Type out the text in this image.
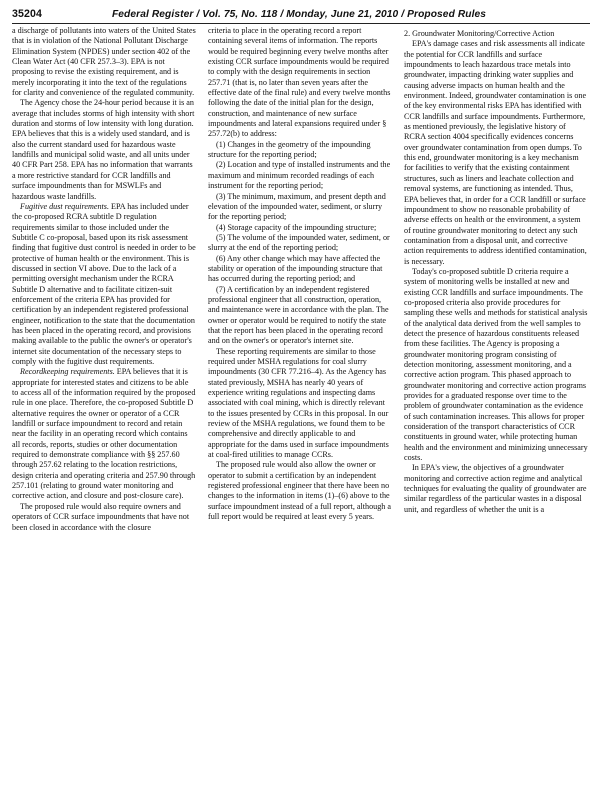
35204	Federal Register / Vol. 75, No. 118 / Monday, June 21, 2010 / Proposed Rules

a discharge of pollutants into waters of the United States that is in violation of the National Pollutant Discharge Elimination System (NPDES) under section 402 of the Clean Water Act (40 CFR 257.3–3). EPA is not proposing to revise the existing requirement, and is merely incorporating it into the text of the regulations for clarity and convenience of the regulated community.

The Agency chose the 24-hour period because it is an average that includes storms of high intensity with short duration and storms of low intensity with long duration. EPA believes that this is a widely used standard, and is also the current standard used for hazardous waste landfills and municipal solid waste, and all units under 40 CFR Part 258. EPA has no information that warrants a more restrictive standard for CCR landfills and surface impoundments than for MSWLFs and hazardous waste landfills.

Fugitive dust requirements. EPA has included under the co-proposed RCRA subtitle D regulation requirements similar to those included under the Subtitle C co-proposal, based upon its risk assessment finding that fugitive dust control is needed in order to be protective of human health or the environment. This is discussed in section VI above. Due to the lack of a permitting oversight mechanism under the RCRA Subtitle D alternative and to facilitate citizen-suit enforcement of the criteria EPA has provided for certification by an independent registered professional engineer, notification to the state that the documentation has been placed in the operating record, and provisions making available to the public the owner's or operator's internet site documentation of the necessary steps to comply with the fugitive dust requirements.

Recordkeeping requirements. EPA believes that it is appropriate for interested states and citizens to be able to access all of the information required by the proposed rule in one place. Therefore, the co-proposed Subtitle D alternative requires the owner or operator of a CCR landfill or surface impoundment to record and retain near the facility in an operating record which contains all records, reports, studies or other documentation required to demonstrate compliance with §§ 257.60 through 257.62 relating to the location restrictions, design criteria and operating criteria and 257.90 through 257.101 (relating to ground water monitoring and corrective action, and closure and post-closure care).

The proposed rule would also require owners and operators of CCR surface impoundments that have not been closed in accordance with the closure

criteria to place in the operating record a report containing several items of information. The reports would be required beginning every twelve months after existing CCR surface impoundments would be required to comply with the design requirements in section 257.71 (that is, no later than seven years after the effective date of the final rule) and every twelve months following the date of the initial plan for the design, construction, and maintenance of new surface impoundments and lateral expansions required under § 257.72(b) to address:

(1) Changes in the geometry of the impounding structure for the reporting period;

(2) Location and type of installed instruments and the maximum and minimum recorded readings of each instrument for the reporting period;

(3) The minimum, maximum, and present depth and elevation of the impounded water, sediment, or slurry for the reporting period;

(4) Storage capacity of the impounding structure;

(5) The volume of the impounded water, sediment, or slurry at the end of the reporting period;

(6) Any other change which may have affected the stability or operation of the impounding structure that has occurred during the reporting period; and

(7) A certification by an independent registered professional engineer that all construction, operation, and maintenance were in accordance with the plan. The owner or operator would be required to notify the state that the report has been placed in the operating record and on the owner's or operator's internet site.

These reporting requirements are similar to those required under MSHA regulations for coal slurry impoundments (30 CFR 77.216–4). As the Agency has stated previously, MSHA has nearly 40 years of experience writing regulations and inspecting dams associated with coal mining, which is directly relevant to the issues presented by CCRs in this proposal. In our review of the MSHA regulations, we found them to be comprehensive and directly applicable to and appropriate for the dams used in surface impoundments at coal-fired utilities to manage CCRs.

The proposed rule would also allow the owner or operator to submit a certification by an independent registered professional engineer that there have been no changes to the information in items (1)–(6) above to the surface impoundment instead of a full report, although a full report would be required at least every 5 years.

2. Groundwater Monitoring/Corrective Action

EPA's damage cases and risk assessments all indicate the potential for CCR landfills and surface impoundments to leach hazardous trace metals into groundwater, impacting drinking water supplies and causing adverse impacts on human health and the environment. Indeed, groundwater contamination is one of the key environmental risks EPA has identified with CCR landfills and surface impoundments. Furthermore, as mentioned previously, the legislative history of RCRA section 4004 specifically evidences concerns over groundwater contamination from open dumps. To this end, groundwater monitoring is a key mechanism for facilities to verify that the existing containment structures, such as liners and leachate collection and removal systems, are functioning as intended. Thus, EPA believes that, in order for a CCR landfill or surface impoundment to show no reasonable probability of adverse effects on health or the environment, a system of routine groundwater monitoring to detect any such contamination from a disposal unit, and corrective action requirements to address identified contamination, is necessary.

Today's co-proposed subtitle D criteria require a system of monitoring wells be installed at new and existing CCR landfills and surface impoundments. The co-proposed criteria also provide procedures for sampling these wells and methods for statistical analysis of the analytical data derived from the well samples to detect the presence of hazardous constituents released from these facilities. The Agency is proposing a groundwater monitoring program consisting of detection monitoring, assessment monitoring, and a corrective action program. This phased approach to groundwater monitoring and corrective action programs provides for a graduated response over time to the problem of groundwater contamination as the evidence of such contamination increases. This allows for proper consideration of the transport characteristics of CCR constituents in ground water, while protecting human health and the environment and minimizing unnecessary costs.

In EPA's view, the objectives of a groundwater monitoring and corrective action regime and analytical techniques for evaluating the quality of groundwater are similar regardless of the particular wastes in a disposal unit, and regardless of whether the unit is a
